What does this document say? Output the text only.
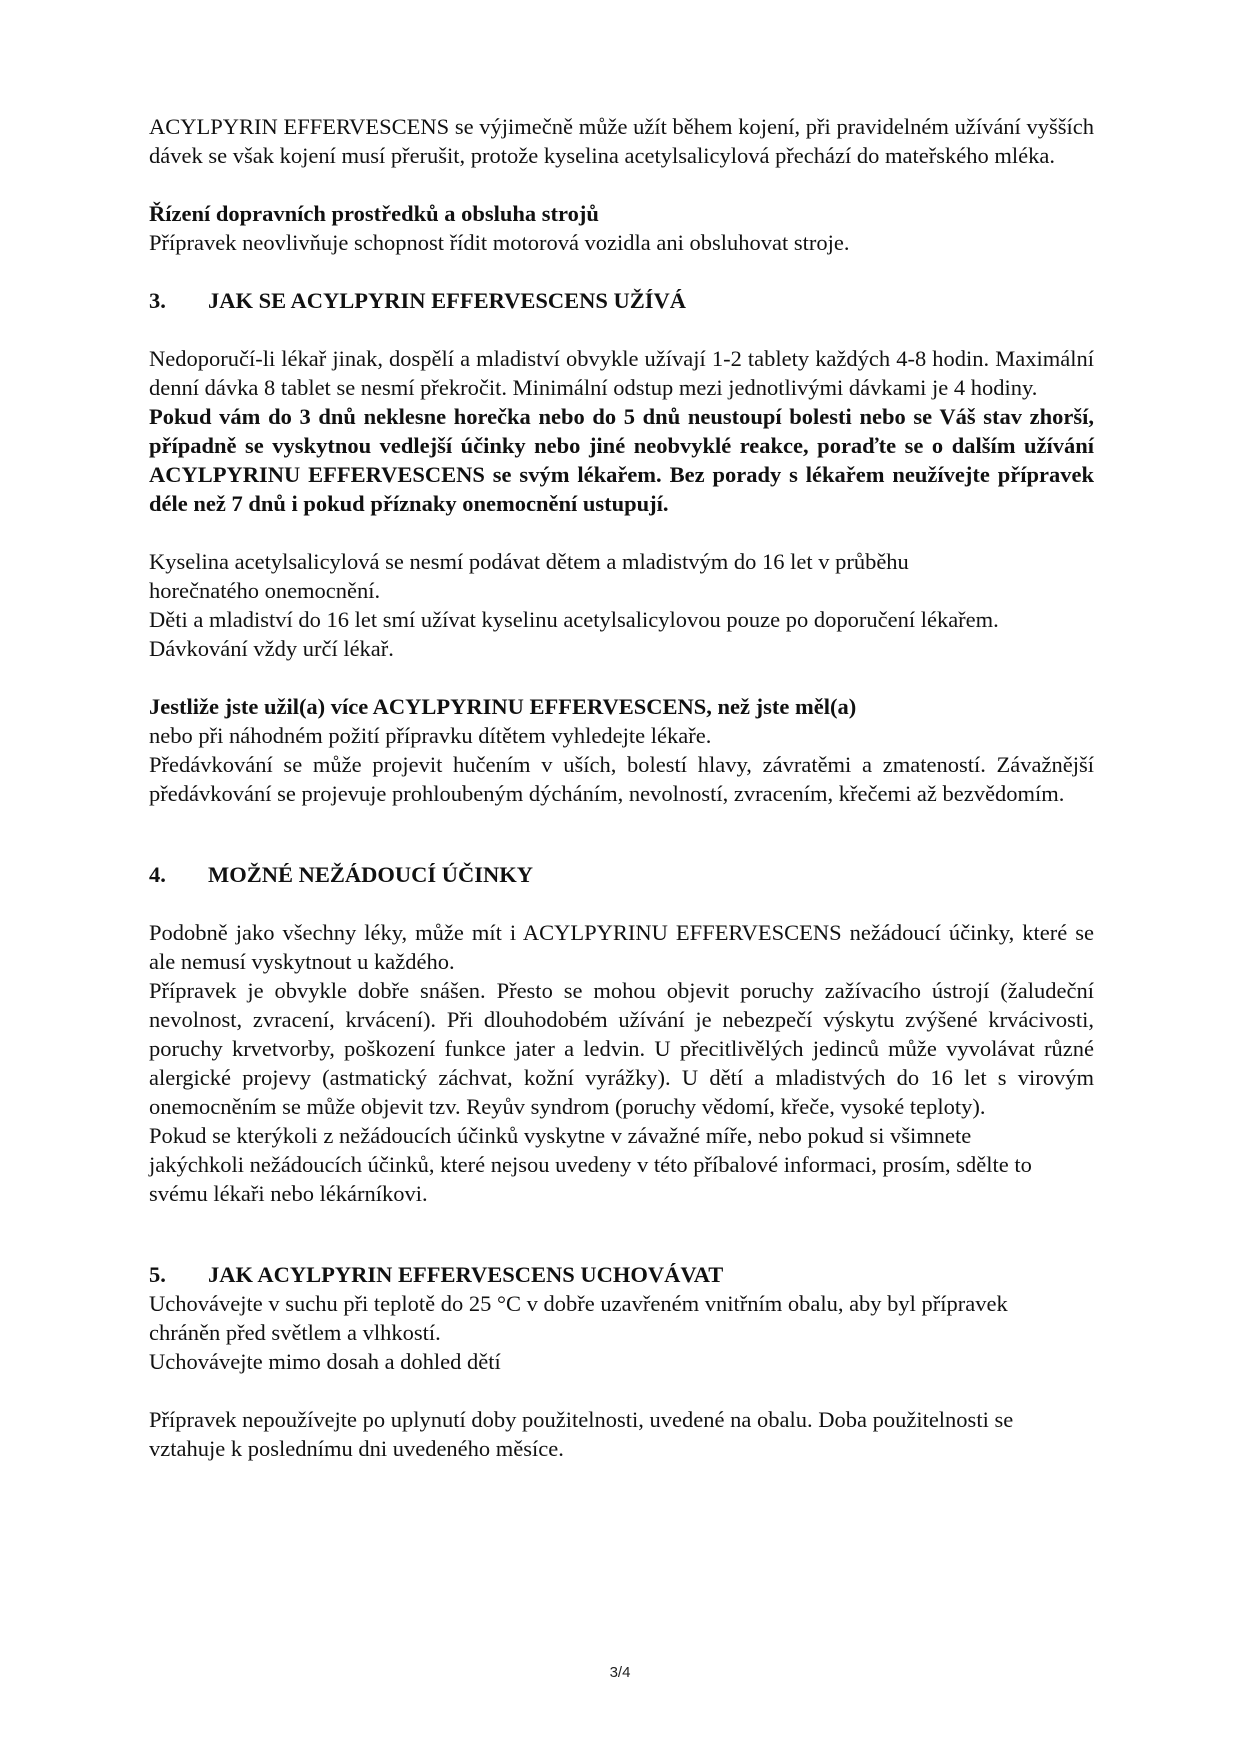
ACYLPYRIN EFFERVESCENS se výjimečně může užít během kojení, při pravidelném užívání vyšších dávek se však kojení musí přerušit, protože kyselina acetylsalicylová přechází do mateřského mléka.

Řízení dopravních prostředků a obsluha strojů

Přípravek neovlivňuje schopnost řídit motorová vozidla ani obsluhovat stroje.

3.	JAK SE ACYLPYRIN EFFERVESCENS UŽÍVÁ

Nedoporučí-li lékař jinak, dospělí a mladiství obvykle užívají 1-2 tablety každých 4-8 hodin. Maximální denní dávka 8 tablet se nesmí překročit. Minimální odstup mezi jednotlivými dávkami je 4 hodiny.

Pokud vám do 3 dnů neklesne horečka nebo do 5 dnů neustoupí bolesti nebo se Váš stav zhorší, případně se vyskytnou vedlejší účinky nebo jiné neobvyklé reakce, poraďte se o dalším užívání ACYLPYRINU EFFERVESCENS se svým lékařem. Bez porady s lékařem neužívejte přípravek déle než 7 dnů i pokud příznaky onemocnění ustupují.

Kyselina acetylsalicylová se nesmí podávat dětem a mladistvým do 16 let v průběhu horečnatého onemocnění.

Děti a mladiství do 16 let smí užívat kyselinu acetylsalicylovou pouze po doporučení lékařem.

Dávkování vždy určí lékař.

Jestliže jste užil(a) více ACYLPYRINU EFFERVESCENS, než jste měl(a)

nebo při náhodném požití přípravku dítětem vyhledejte lékaře.

Předávkování se může projevit hučením v uších, bolestí hlavy, závratěmi a zmateností. Závažnější předávkování se projevuje prohloubeným dýcháním, nevolností, zvracením, křečemi až bezvědomím.

4.	MOŽNÉ NEŽÁDOUCÍ ÚČINKY

Podobně jako všechny léky, může mít i ACYLPYRINU EFFERVESCENS nežádoucí účinky, které se ale nemusí vyskytnout u každého.

Přípravek je obvykle dobře snášen. Přesto se mohou objevit poruchy zažívacího ústrojí (žaludeční nevolnost, zvracení, krvácení). Při dlouhodobém užívání je nebezpečí výskytu zvýšené krvácivosti, poruchy krvetvorby, poškození funkce jater a ledvin. U přecitlivělých jedinců může vyvolávat různé alergické projevy (astmatický záchvat, kožní vyrážky). U dětí a mladistvých do 16 let s virovým onemocněním se může objevit tzv. Reyův syndrom (poruchy vědomí, křeče, vysoké teploty).

Pokud se kterýkoli z nežádoucích účinků vyskytne v závažné míře, nebo pokud si všimnete jakýchkoli nežádoucích účinků, které nejsou uvedeny v této příbalové informaci, prosím, sdělte to svému lékaři nebo lékárníkovi.

5.	JAK ACYLPYRIN EFFERVESCENS UCHOVÁVAT

Uchovávejte v suchu při teplotě do 25 °C v dobře uzavřeném vnitřním obalu, aby byl přípravek chráněn před světlem a vlhkostí.

Uchovávejte mimo dosah a dohled dětí

Přípravek nepoužívejte po uplynutí doby použitelnosti, uvedené na obalu. Doba použitelnosti se vztahuje k poslednímu dni uvedeného měsíce.

3/4
